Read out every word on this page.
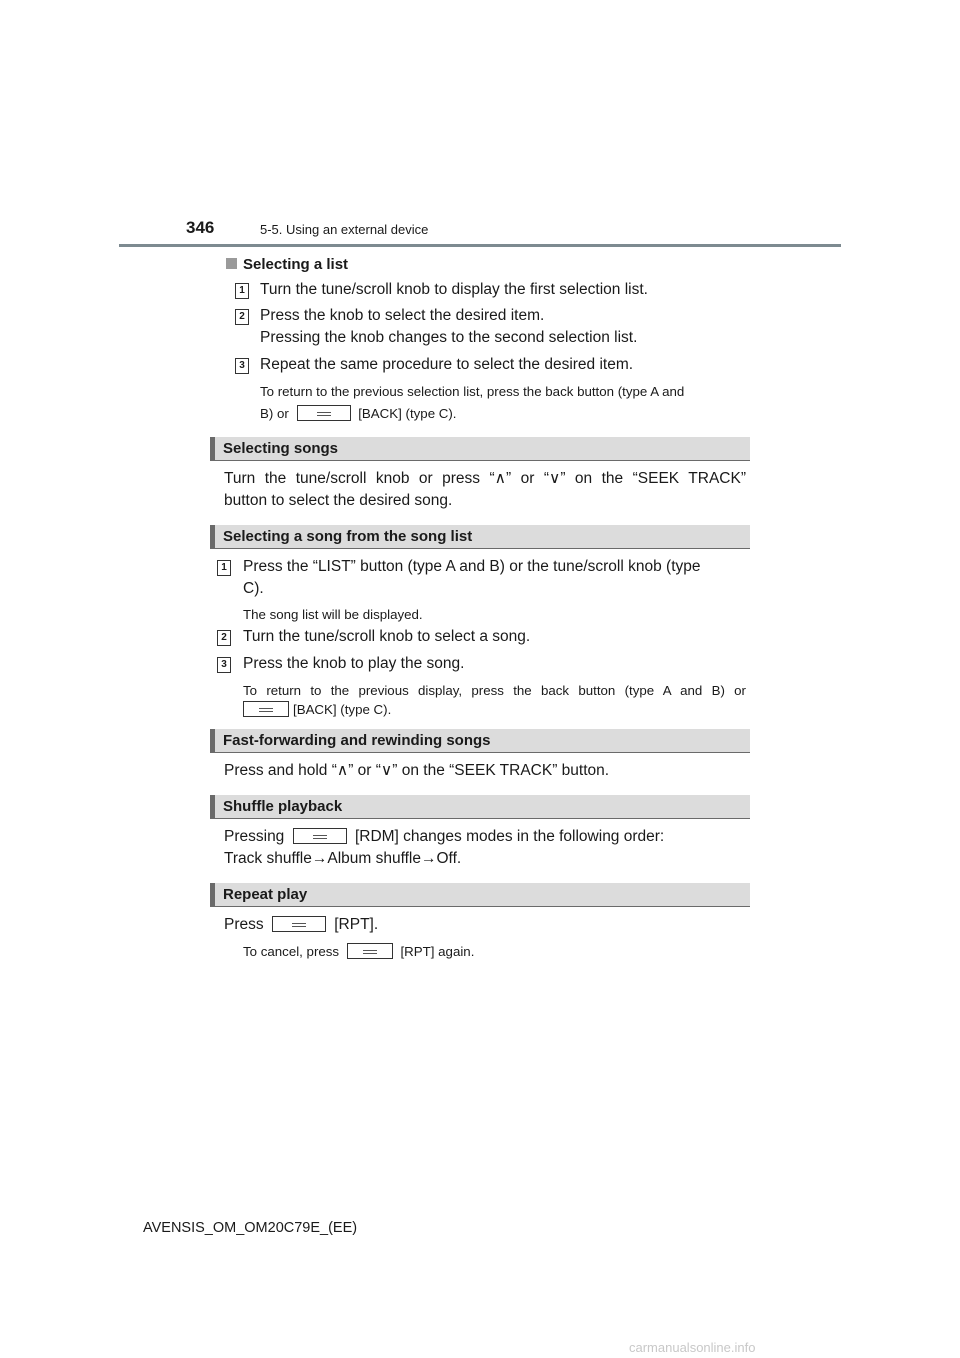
346	5-5. Using an external device
Selecting a list
1 Turn the tune/scroll knob to display the first selection list.
2 Press the knob to select the desired item.
Pressing the knob changes to the second selection list.
3 Repeat the same procedure to select the desired item.
To return to the previous selection list, press the back button (type A and
B) or	[BACK] (type C).
Selecting songs
Turn the tune/scroll knob or press “∧” or “∨” on the “SEEK TRACK”
button to select the desired song.
Selecting a song from the song list
1 Press the “LIST” button (type A and B) or the tune/scroll knob (type
C).
The song list will be displayed.
2 Turn the tune/scroll knob to select a song.
3 Press the knob to play the song.
To return to the previous display, press the back button (type A and B) or
[BACK] (type C).
Fast-forwarding and rewinding songs
Press and hold “∧” or “∨” on the “SEEK TRACK” button.
Shuffle playback
Pressing	[RDM] changes modes in the following order:
Track shuffle→Album shuffle→Off.
Repeat play
Press	[RPT].
To cancel, press	[RPT] again.
AVENSIS_OM_OM20C79E_(EE)
carmanualsonline.info
